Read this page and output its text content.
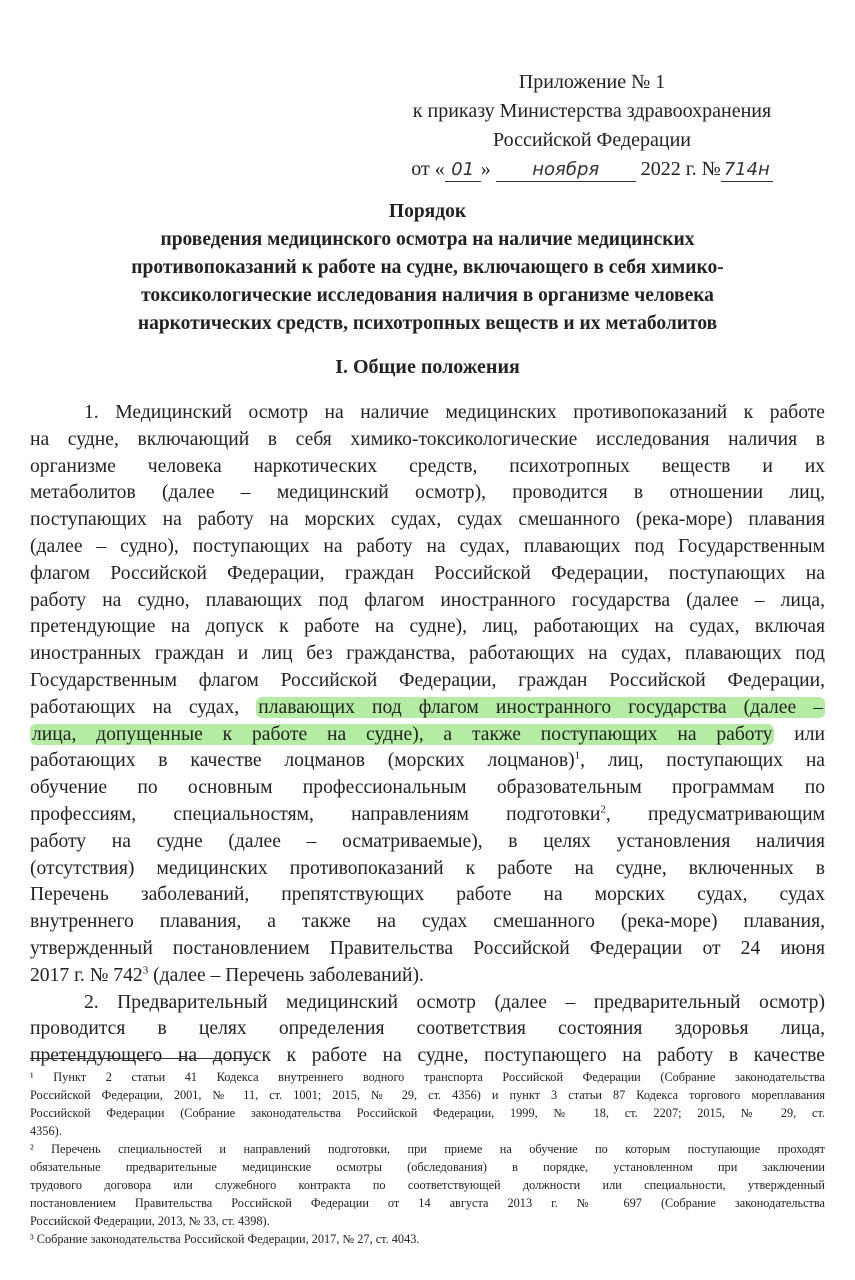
Приложение № 1
к приказу Министерства здравоохранения
Российской Федерации
от « 01 » ноября 2022 г. № 714н
Порядок
проведения медицинского осмотра на наличие медицинских
противопоказаний к работе на судне, включающего в себя химико-
токсикологические исследования наличия в организме человека
наркотических средств, психотропных веществ и их метаболитов
I. Общие положения
1. Медицинский осмотр на наличие медицинских противопоказаний к работе
на судне, включающий в себя химико-токсикологические исследования наличия в
организме человека наркотических средств, психотропных веществ и их
метаболитов (далее – медицинский осмотр), проводится в отношении лиц,
поступающих на работу на морских судах, судах смешанного (река-море) плавания
(далее – судно), поступающих на работу на судах, плавающих под Государственным
флагом Российской Федерации, граждан Российской Федерации, поступающих на
работу на судно, плавающих под флагом иностранного государства (далее – лица,
претендующие на допуск к работе на судне), лиц, работающих на судах, включая
иностранных граждан и лиц без гражданства, работающих на судах, плавающих под
Государственным флагом Российской Федерации, граждан Российской Федерации,
работающих на судах, плавающих под флагом иностранного государства (далее –
лица, допущенные к работе на судне), а также поступающих на работу или
работающих в качестве лоцманов (морских лоцманов)$^1$, лиц, поступающих на
обучение по основным профессиональным образовательным программам по
профессиям, специальностям, направлениям подготовки$^2$, предусматривающим
работу на судне (далее – осматриваемые), в целях установления наличия
(отсутствия) медицинских противопоказаний к работе на судне, включенных в
Перечень заболеваний, препятствующих работе на морских судах, судах
внутреннего плавания, а также на судах смешанного (река-море) плавания,
утвержденный постановлением Правительства Российской Федерации от 24 июня
2017 г. № $742^3$ (далее – Перечень заболеваний).
2. Предварительный медицинский осмотр (далее – предварительный осмотр)
проводится в целях определения соответствия состояния здоровья лица,
претендующего на допуск к работе на судне, поступающего на работу в качестве
¹ Пункт 2 статьи 41 Кодекса внутреннего водного транспорта Российской Федерации (Собрание законодательства
Российской Федерации, 2001, № 11, ст. 1001; 2015, № 29, ст. 4356) и пункт 3 статьи 87 Кодекса торгового мореплавания
Российской Федерации (Собрание законодательства Российской Федерации, 1999, № 18, ст. 2207; 2015, № 29, ст.
4356).
² Перечень специальностей и направлений подготовки, при приеме на обучение по которым поступающие проходят
обязательные предварительные медицинские осмотры (обследования) в порядке, установленном при заключении
трудового договора или служебного контракта по соответствующей должности или специальности, утвержденный
постановлением Правительства Российской Федерации от 14 августа 2013 г. № 697 (Собрание законодательства
Российской Федерации, 2013, № 33, ст. 4398).
³ Собрание законодательства Российской Федерации, 2017, № 27, ст. 4043.
